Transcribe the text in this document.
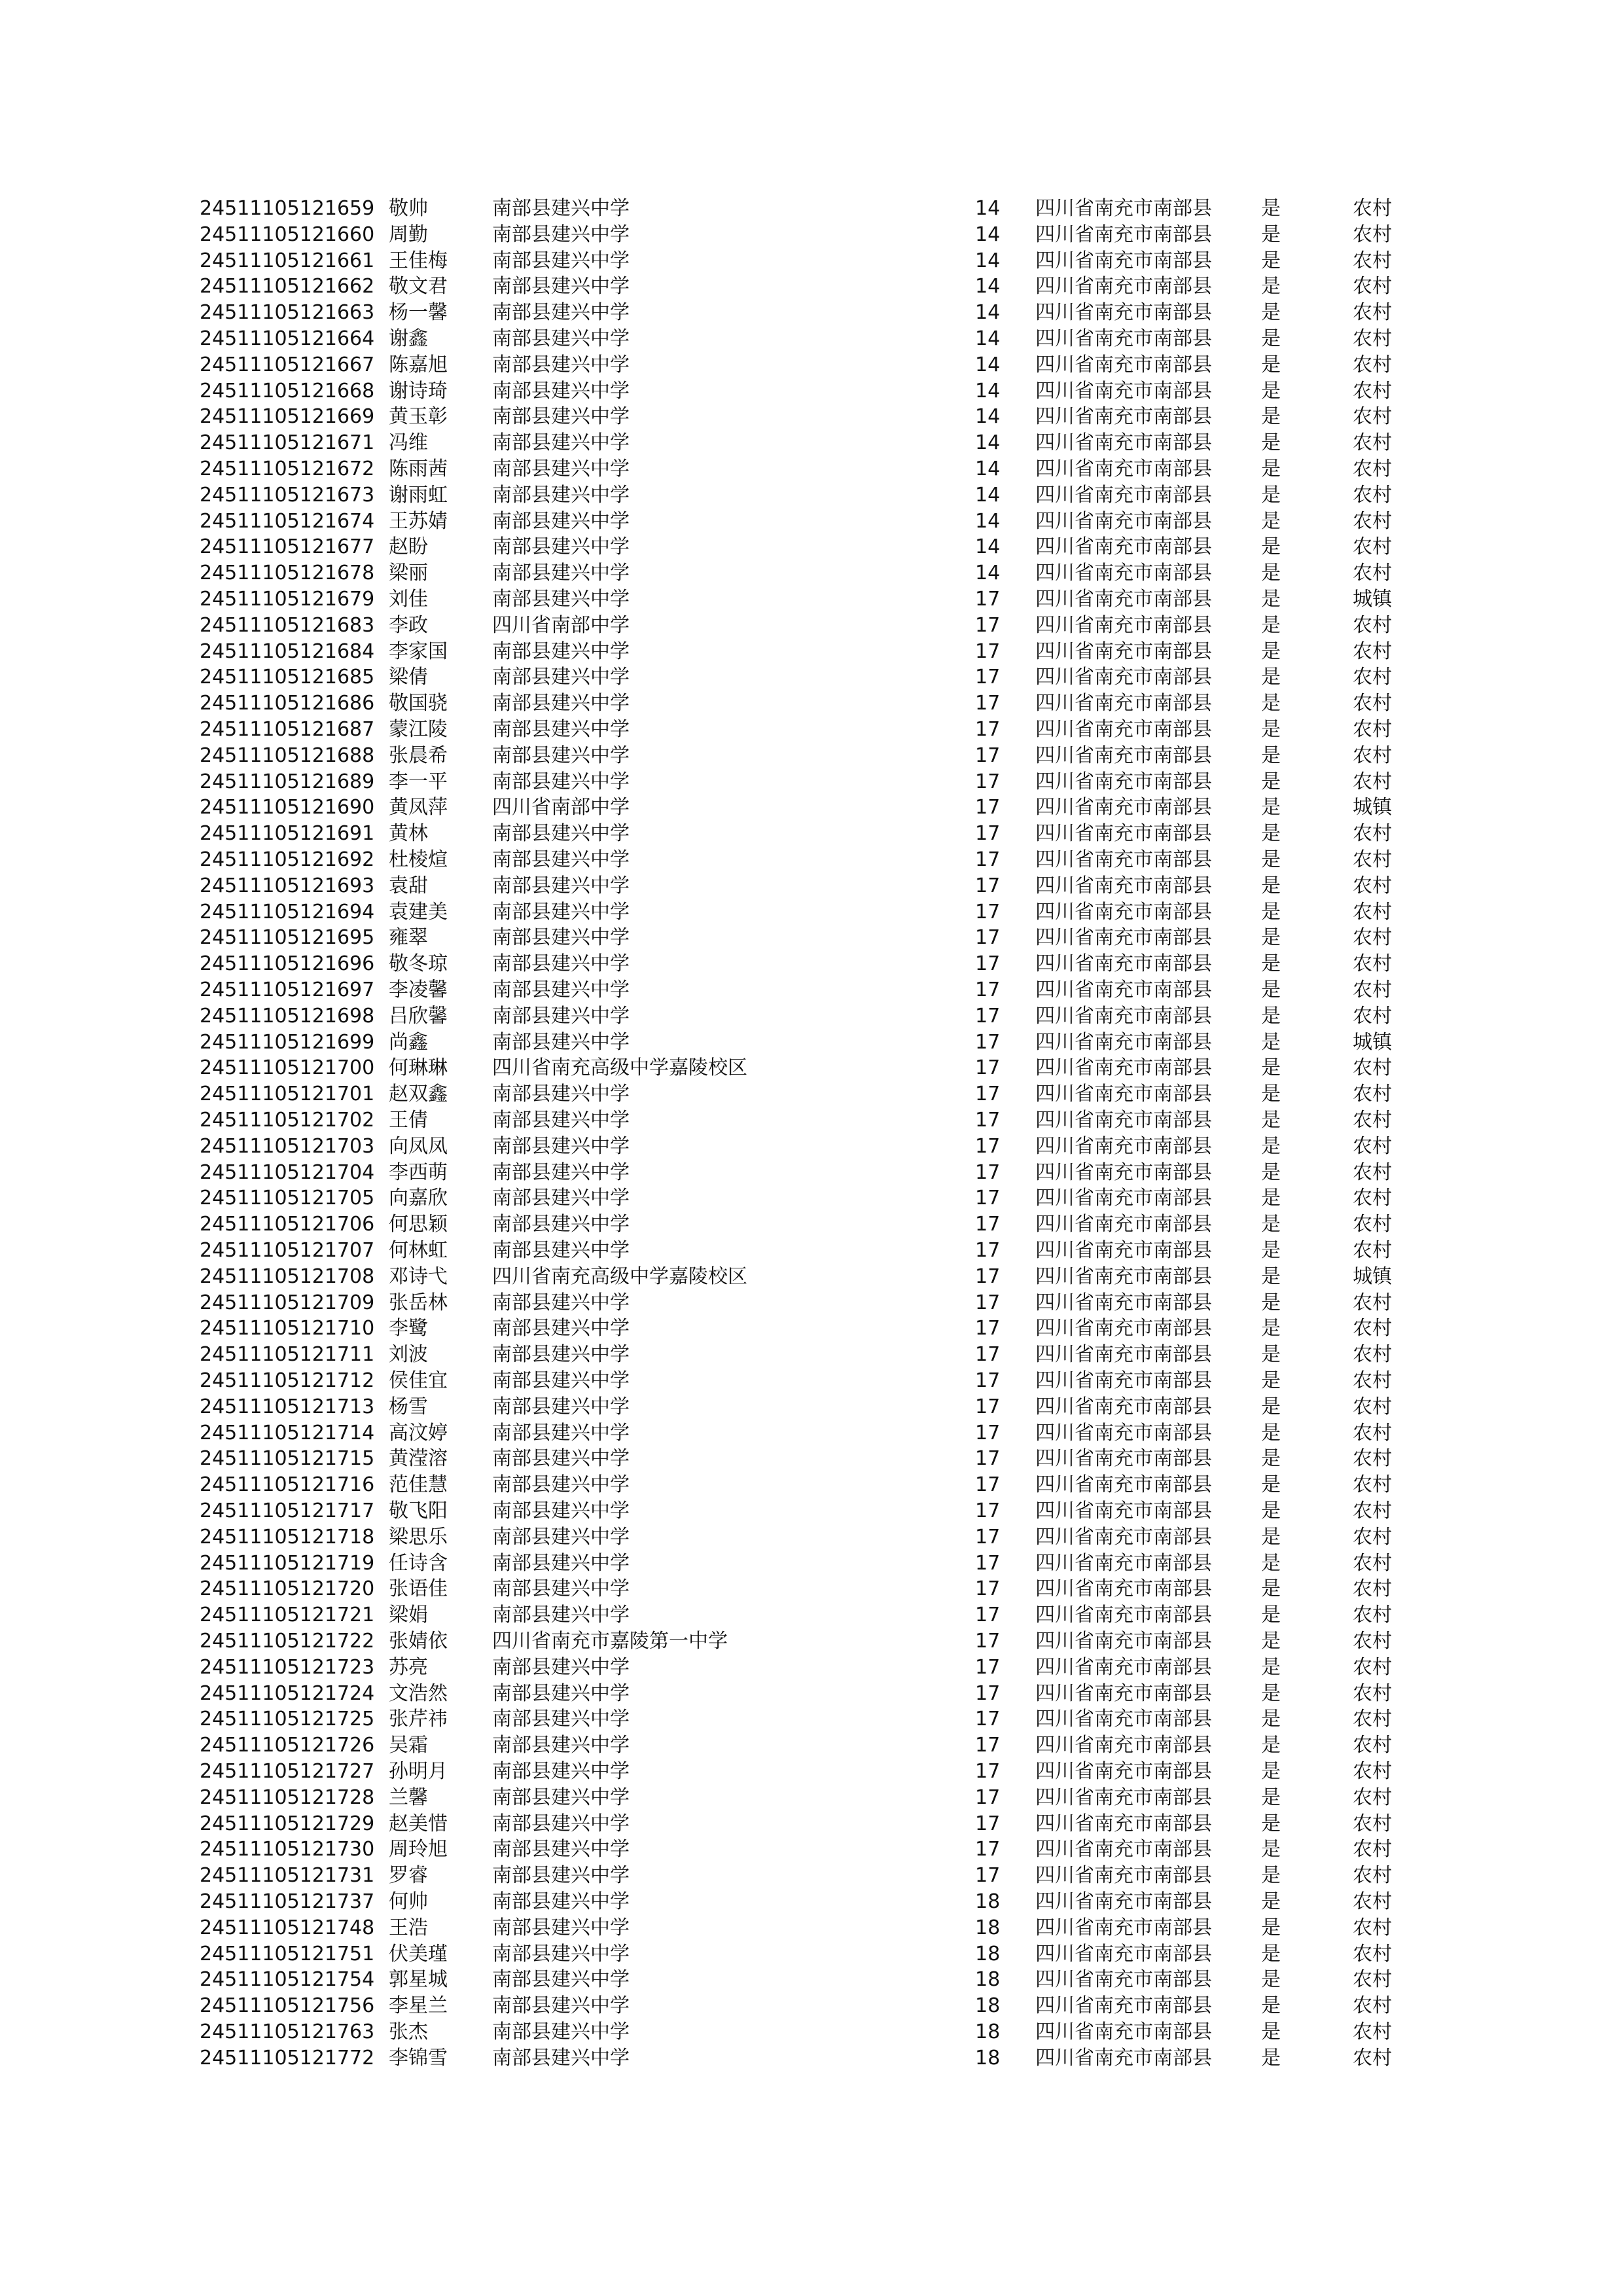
24511105121659 敬帅	南部县建兴中学	14 四川省南充市南部县	是	农村
24511105121660 周勤	南部县建兴中学	14 四川省南充市南部县	是	农村
24511105121661 王佳梅 南部县建兴中学	14 四川省南充市南部县	是	农村
24511105121662 敬文君 南部县建兴中学	14 四川省南充市南部县	是	农村
24511105121663 杨一馨 南部县建兴中学	14 四川省南充市南部县	是	农村
24511105121664 谢鑫	南部县建兴中学	14 四川省南充市南部县	是	农村
24511105121667 陈嘉旭 南部县建兴中学	14 四川省南充市南部县	是	农村
24511105121668 谢诗琦 南部县建兴中学	14 四川省南充市南部县	是	农村
24511105121669 黄玉彰 南部县建兴中学	14 四川省南充市南部县	是	农村
24511105121671 冯维	南部县建兴中学	14 四川省南充市南部县	是	农村
24511105121672 陈雨茜 南部县建兴中学	14 四川省南充市南部县	是	农村
24511105121673 谢雨虹 南部县建兴中学	14 四川省南充市南部县	是	农村
24511105121674 王苏婧 南部县建兴中学	14 四川省南充市南部县	是	农村
24511105121677 赵盼	南部县建兴中学	14 四川省南充市南部县	是	农村
24511105121678 梁丽	南部县建兴中学	14 四川省南充市南部县	是	农村
24511105121679 刘佳	南部县建兴中学	17 四川省南充市南部县	是	城镇
24511105121683 李政	四川省南部中学	17 四川省南充市南部县	是	农村
24511105121684 李家国 南部县建兴中学	17 四川省南充市南部县	是	农村
24511105121685 梁倩	南部县建兴中学	17 四川省南充市南部县	是	农村
24511105121686 敬国骁 南部县建兴中学	17 四川省南充市南部县	是	农村
24511105121687 蒙江陵 南部县建兴中学	17 四川省南充市南部县	是	农村
24511105121688 张晨希 南部县建兴中学	17 四川省南充市南部县	是	农村
24511105121689 李一平 南部县建兴中学	17 四川省南充市南部县	是	农村
24511105121690 黄凤萍 四川省南部中学	17 四川省南充市南部县	是	城镇
24511105121691 黄林	南部县建兴中学	17 四川省南充市南部县	是	农村
24511105121692 杜棱煊 南部县建兴中学	17 四川省南充市南部县	是	农村
24511105121693 袁甜	南部县建兴中学	17 四川省南充市南部县	是	农村
24511105121694 袁建美 南部县建兴中学	17 四川省南充市南部县	是	农村
24511105121695 雍翠	南部县建兴中学	17 四川省南充市南部县	是	农村
24511105121696 敬冬琼 南部县建兴中学	17 四川省南充市南部县	是	农村
24511105121697 李凌馨 南部县建兴中学	17 四川省南充市南部县	是	农村
24511105121698 吕欣馨 南部县建兴中学	17 四川省南充市南部县	是	农村
24511105121699 尚鑫	南部县建兴中学	17 四川省南充市南部县	是	城镇
24511105121700 何琳琳 四川省南充高级中学嘉陵校区	17 四川省南充市南部县	是	农村
24511105121701 赵双鑫 南部县建兴中学	17 四川省南充市南部县	是	农村
24511105121702 王倩	南部县建兴中学	17 四川省南充市南部县	是	农村
24511105121703 向凤凤 南部县建兴中学	17 四川省南充市南部县	是	农村
24511105121704 李西萌 南部县建兴中学	17 四川省南充市南部县	是	农村
24511105121705 向嘉欣 南部县建兴中学	17 四川省南充市南部县	是	农村
24511105121706 何思颖 南部县建兴中学	17 四川省南充市南部县	是	农村
24511105121707 何林虹 南部县建兴中学	17 四川省南充市南部县	是	农村
24511105121708 邓诗弋 四川省南充高级中学嘉陵校区	17 四川省南充市南部县	是	城镇
24511105121709 张岳林 南部县建兴中学	17 四川省南充市南部县	是	农村
24511105121710 李鹭	南部县建兴中学	17 四川省南充市南部县	是	农村
24511105121711 刘波	南部县建兴中学	17 四川省南充市南部县	是	农村
24511105121712 侯佳宜 南部县建兴中学	17 四川省南充市南部县	是	农村
24511105121713 杨雪	南部县建兴中学	17 四川省南充市南部县	是	农村
24511105121714 高汶婷 南部县建兴中学	17 四川省南充市南部县	是	农村
24511105121715 黄滢溶 南部县建兴中学	17 四川省南充市南部县	是	农村
24511105121716 范佳慧 南部县建兴中学	17 四川省南充市南部县	是	农村
24511105121717 敬飞阳 南部县建兴中学	17 四川省南充市南部县	是	农村
24511105121718 梁思乐 南部县建兴中学	17 四川省南充市南部县	是	农村
24511105121719 任诗含 南部县建兴中学	17 四川省南充市南部县	是	农村
24511105121720 张语佳 南部县建兴中学	17 四川省南充市南部县	是	农村
24511105121721 梁娟	南部县建兴中学	17 四川省南充市南部县	是	农村
24511105121722 张婧依 四川省南充市嘉陵第一中学	17 四川省南充市南部县	是	农村
24511105121723 苏亮	南部县建兴中学	17 四川省南充市南部县	是	农村
24511105121724 文浩然 南部县建兴中学	17 四川省南充市南部县	是	农村
24511105121725 张芹祎 南部县建兴中学	17 四川省南充市南部县	是	农村
24511105121726 吴霜	南部县建兴中学	17 四川省南充市南部县	是	农村
24511105121727 孙明月 南部县建兴中学	17 四川省南充市南部县	是	农村
24511105121728 兰馨	南部县建兴中学	17 四川省南充市南部县	是	农村
24511105121729 赵美惜 南部县建兴中学	17 四川省南充市南部县	是	农村
24511105121730 周玲旭 南部县建兴中学	17 四川省南充市南部县	是	农村
24511105121731 罗睿	南部县建兴中学	17 四川省南充市南部县	是	农村
24511105121737 何帅	南部县建兴中学	18 四川省南充市南部县	是	农村
24511105121748 王浩	南部县建兴中学	18 四川省南充市南部县	是	农村
24511105121751 伏美瑾 南部县建兴中学	18 四川省南充市南部县	是	农村
24511105121754 郭星城 南部县建兴中学	18 四川省南充市南部县	是	农村
24511105121756 李星兰 南部县建兴中学	18 四川省南充市南部县	是	农村
24511105121763 张杰	南部县建兴中学	18 四川省南充市南部县	是	农村
24511105121772 李锦雪 南部县建兴中学	18 四川省南充市南部县	是	农村
